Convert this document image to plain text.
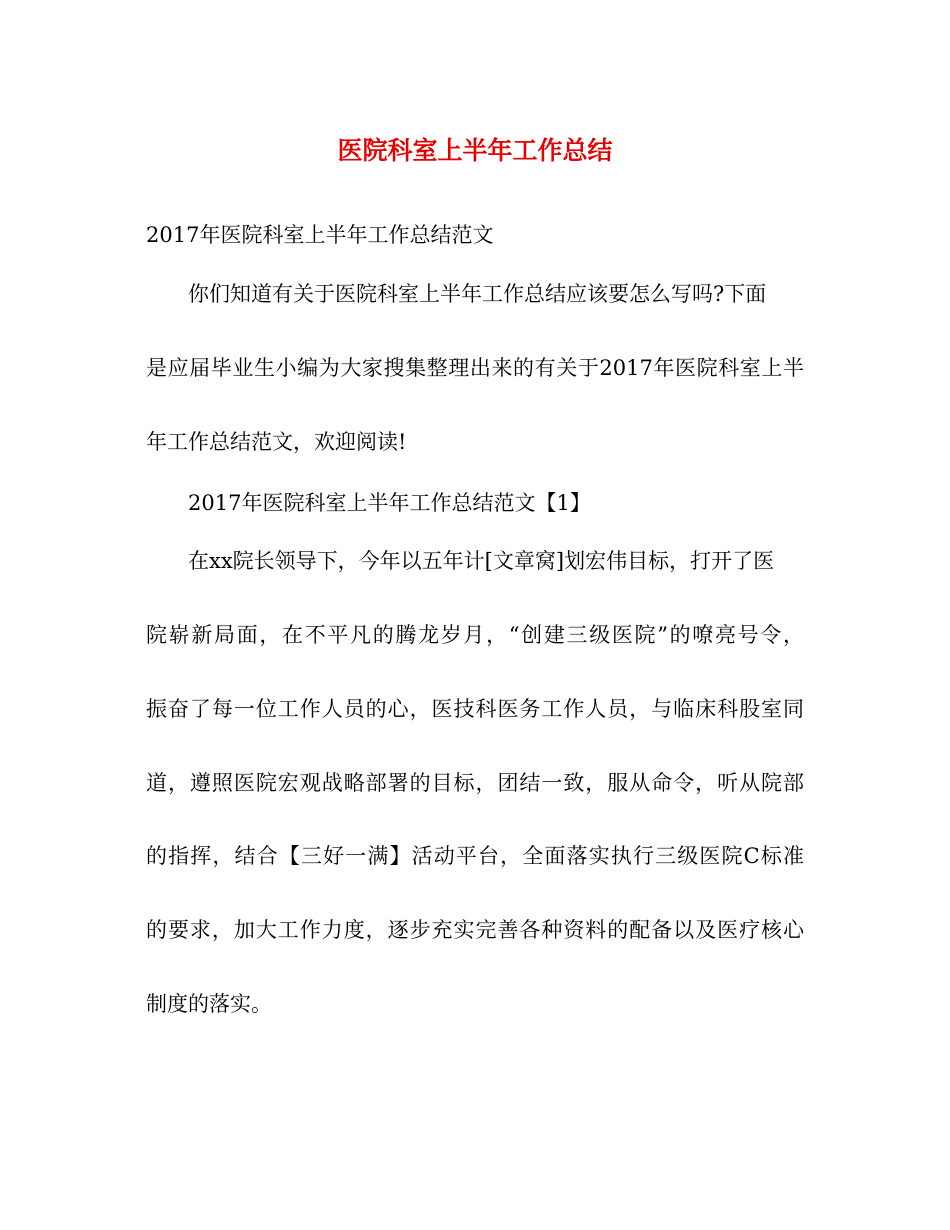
医院科室上半年工作总结
2017年医院科室上半年工作总结范文
你们知道有关于医院科室上半年工作总结应该要怎么写吗?下面
是应届毕业生小编为大家搜集整理出来的有关于2017年医院科室上半
年工作总结范文，欢迎阅读!
2017年医院科室上半年工作总结范文【1】
在xx院长领导下，今年以五年计[文章窝]划宏伟目标，打开了医
院崭新局面，在不平凡的腾龙岁月，“创建三级医院”的嘹亮号令，
振奋了每一位工作人员的心，医技科医务工作人员，与临床科股室同
道，遵照医院宏观战略部署的目标，团结一致，服从命令，听从院部
的指挥，结合【三好一满】活动平台，全面落实执行三级医院C标准
的要求，加大工作力度，逐步充实完善各种资料的配备以及医疗核心
制度的落实。
